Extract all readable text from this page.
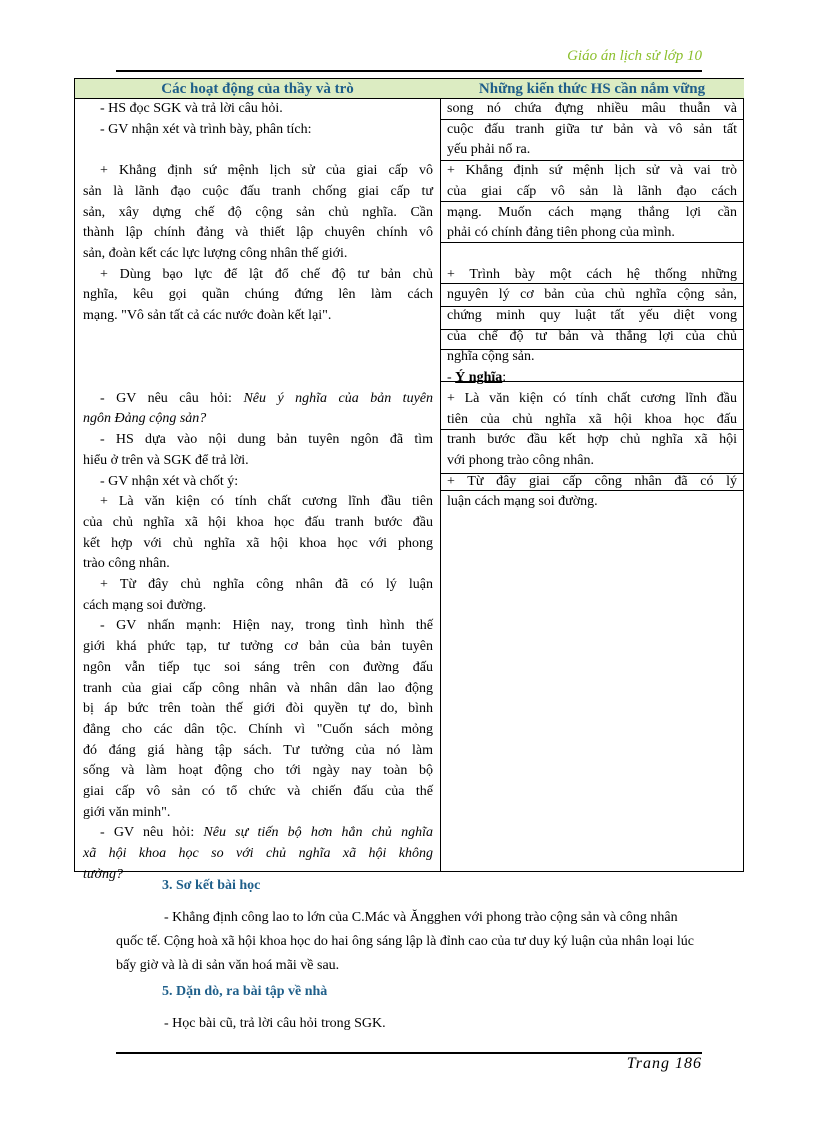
Giáo án lịch sử lớp 10
Các hoạt động của thầy và trò	Những kiến thức HS cần nắm vững
- HS đọc SGK và trả lời câu hỏi.
- GV nhận xét và trình bày, phân tích:
+ Khẳng định sứ mệnh lịch sử của giai cấp vô
sản là lãnh đạo cuộc đấu tranh chống giai cấp tư
sản, xây dựng chế độ cộng sản chủ nghĩa. Cần
thành lập chính đảng và thiết lập chuyên chính vô
sản, đoàn kết các lực lượng công nhân thế giới.
+ Dùng bạo lực để lật đổ chế độ tư bản chủ
nghĩa, kêu gọi quần chúng đứng lên làm cách
mạng. "Vô sản tất cả các nước đoàn kết lại".
- GV nêu câu hỏi: Nêu ý nghĩa của bản tuyên
ngôn Đảng cộng sản?
- HS dựa vào nội dung bản tuyên ngôn đã tìm
hiểu ở trên và SGK để trả lời.
- GV nhận xét và chốt ý:
+ Là văn kiện có tính chất cương lĩnh đầu tiên
của chủ nghĩa xã hội khoa học đấu tranh bước đầu
kết hợp với chủ nghĩa xã hội khoa học với phong
trào công nhân.
+ Từ đây chủ nghĩa công nhân đã có lý luận
cách mạng soi đường.
- GV nhấn mạnh: Hiện nay, trong tình hình thế
giới khá phức tạp, tư tưởng cơ bản của bản tuyên
ngôn vẫn tiếp tục soi sáng trên con đường đấu
tranh của giai cấp công nhân và nhân dân lao động
bị áp bức trên toàn thế giới đòi quyền tự do, bình
đẳng cho các dân tộc. Chính vì "Cuốn sách mỏng
đó đáng giá hàng tập sách. Tư tưởng của nó làm
sống và làm hoạt động cho tới ngày nay toàn bộ
giai cấp vô sản có tổ chức và chiến đấu của thế
giới văn minh".
- GV nêu hỏi: Nêu sự tiến bộ hơn hẳn chủ nghĩa
xã hội khoa học so với chủ nghĩa xã hội không
tưởng?
song nó chứa đựng nhiều mâu thuẫn và
cuộc đấu tranh giữa tư bản và vô sản tất
yếu phải nổ ra.
+ Khẳng định sứ mệnh lịch sử và vai trò
của giai cấp vô sản là lãnh đạo cách
mạng. Muốn cách mạng thắng lợi cần
phải có chính đảng tiên phong của mình.
+ Trình bày một cách hệ thống những
nguyên lý cơ bản của chủ nghĩa cộng sản,
chứng minh quy luật tất yếu diệt vong
của chế độ tư bản và thắng lợi của chủ
nghĩa cộng sản.
- Ý nghĩa:
+ Là văn kiện có tính chất cương lĩnh đầu
tiên của chủ nghĩa xã hội khoa học đấu
tranh bước đầu kết hợp chủ nghĩa xã hội
với phong trào công nhân.
+ Từ đây giai cấp công nhân đã có lý
luận cách mạng soi đường.
3. Sơ kết bài học
- Khẳng định công lao to lớn của C.Mác và Ăngghen với phong trào cộng sản và công nhân quốc tế. Cộng hoà xã hội khoa học do hai ông sáng lập là đỉnh cao của tư duy ký luận của nhân loại lúc bấy giờ và là di sản văn hoá mãi về sau.
5. Dặn dò, ra bài tập về nhà
- Học bài cũ, trả lời câu hỏi trong SGK.
Trang 186
